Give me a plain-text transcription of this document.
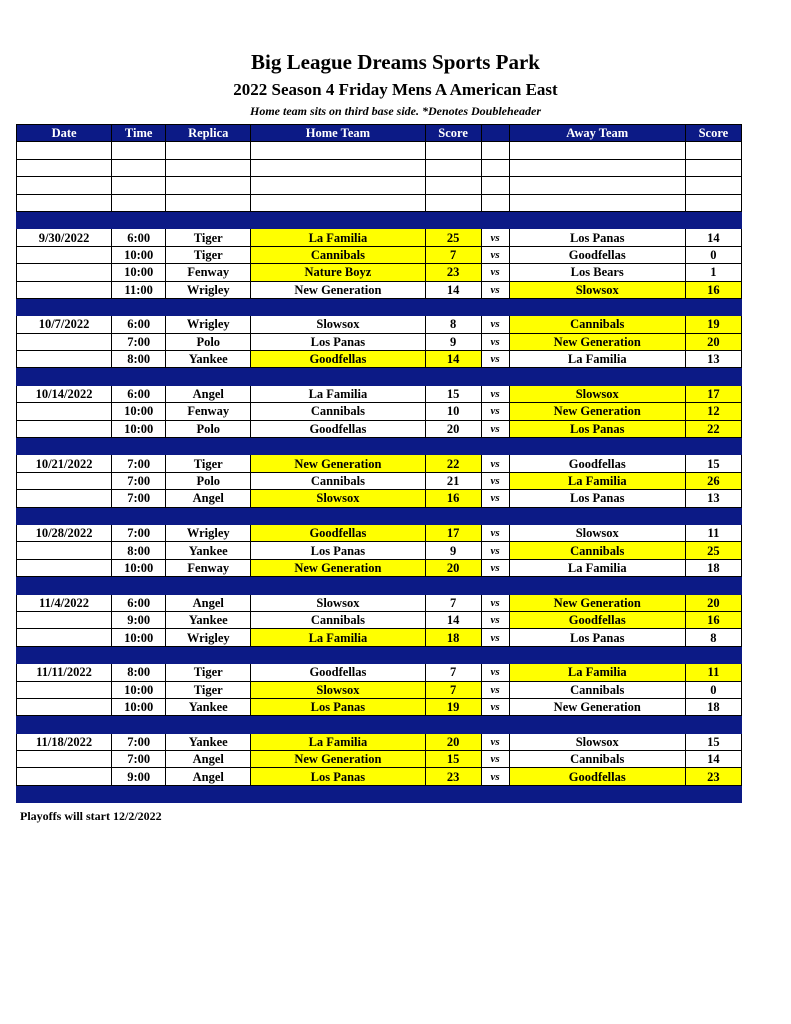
Big League Dreams Sports Park
2022 Season 4 Friday Mens A American East
Home team sits on third base side. *Denotes Doubleheader
Date	Time	Replica	Home Team	Score		Away Team	Score

9/30/2022	6:00	Tiger	La Familia	25	vs	Los Panas	14
	10:00	Tiger	Cannibals	7	vs	Goodfellas	0
	10:00	Fenway	Nature Boyz	23	vs	Los Bears	1
	11:00	Wrigley	New Generation	14	vs	Slowsox	16

10/7/2022	6:00	Wrigley	Slowsox	8	vs	Cannibals	19
	7:00	Polo	Los Panas	9	vs	New Generation	20
	8:00	Yankee	Goodfellas	14	vs	La Familia	13

10/14/2022	6:00	Angel	La Familia	15	vs	Slowsox	17
	10:00	Fenway	Cannibals	10	vs	New Generation	12
	10:00	Polo	Goodfellas	20	vs	Los Panas	22

10/21/2022	7:00	Tiger	New Generation	22	vs	Goodfellas	15
	7:00	Polo	Cannibals	21	vs	La Familia	26
	7:00	Angel	Slowsox	16	vs	Los Panas	13

10/28/2022	7:00	Wrigley	Goodfellas	17	vs	Slowsox	11
	8:00	Yankee	Los Panas	9	vs	Cannibals	25
	10:00	Fenway	New Generation	20	vs	La Familia	18

11/4/2022	6:00	Angel	Slowsox	7	vs	New Generation	20
	9:00	Yankee	Cannibals	14	vs	Goodfellas	16
	10:00	Wrigley	La Familia	18	vs	Los Panas	8

11/11/2022	8:00	Tiger	Goodfellas	7	vs	La Familia	11
	10:00	Tiger	Slowsox	7	vs	Cannibals	0
	10:00	Yankee	Los Panas	19	vs	New Generation	18

11/18/2022	7:00	Yankee	La Familia	20	vs	Slowsox	15
	7:00	Angel	New Generation	15	vs	Cannibals	14
	9:00	Angel	Los Panas	23	vs	Goodfellas	23

Playoffs will start 12/2/2022
